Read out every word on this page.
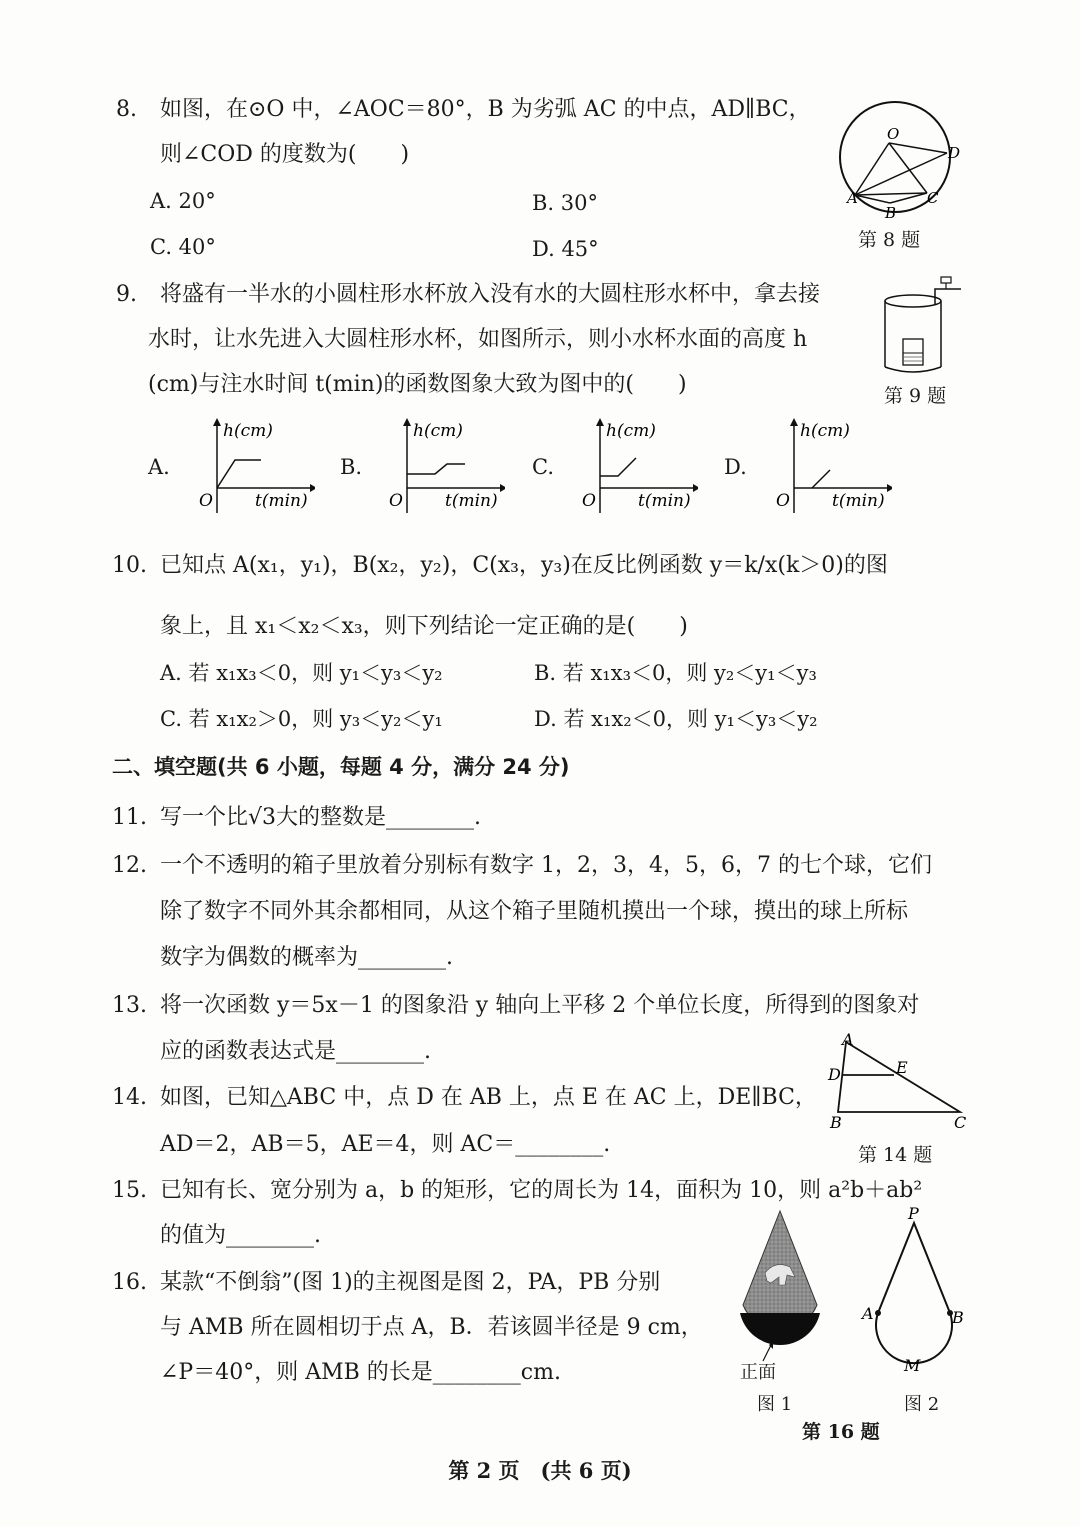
8. 如图，在⊙O 中，∠AOC＝80°，B 为劣弧 AC 的中点，AD∥BC，
则∠COD 的度数为(　　)
A. 20°	B. 30°
C. 40°	D. 45°
O
D
A
B
C
第 8 题
9. 将盛有一半水的小圆柱形水杯放入没有水的大圆柱形水杯中，拿去接
水时，让水先进入大圆柱形水杯，如图所示，则小水杯水面的高度 h
(cm)与注水时间 t(min)的函数图象大致为图中的(　　)	第 9 题
A.	B.	C.	D.
h(cm)
O t(min)
h(cm)
O t(min)
h(cm)
O t(min)
h(cm)
O t(min)
10. 已知点 A(x₁，y₁)，B(x₂，y₂)，C(x₃，y₃)在反比例函数 y＝k/x(k＞0)的图
象上，且 x₁＜x₂＜x₃，则下列结论一定正确的是(　　)
A. 若 x₁x₃＜0，则 y₁＜y₃＜y₂	B. 若 x₁x₃＜0，则 y₂＜y₁＜y₃
C. 若 x₁x₂＞0，则 y₃＜y₂＜y₁	D. 若 x₁x₂＜0，则 y₁＜y₃＜y₂
二、填空题(共 6 小题，每题 4 分，满分 24 分)
11. 写一个比√3大的整数是________.
12. 一个不透明的箱子里放着分别标有数字 1，2，3，4，5，6，7 的七个球，它们
除了数字不同外其余都相同，从这个箱子里随机摸出一个球，摸出的球上所标
数字为偶数的概率为________.
13. 将一次函数 y＝5x－1 的图象沿 y 轴向上平移 2 个单位长度，所得到的图象对
应的函数表达式是________.
14. 如图，已知△ABC 中，点 D 在 AB 上，点 E 在 AC 上，DE∥BC，
AD＝2，AB＝5，AE＝4，则 AC＝________.
A
D	E
B	C
第 14 题
15. 已知有长、宽分别为 a，b 的矩形，它的周长为 14，面积为 10，则 a²b＋ab²
的值为________.
16. 某款“不倒翁”(图 1)的主视图是图 2，PA，PB 分别
与 AMB 所在圆相切于点 A，B．若该圆半径是 9 cm，
∠P＝40°，则 AMB 的长是________cm.	正面
图 1
P
A	B
M
图 2
第 16 题
第 2 页　(共 6 页)
